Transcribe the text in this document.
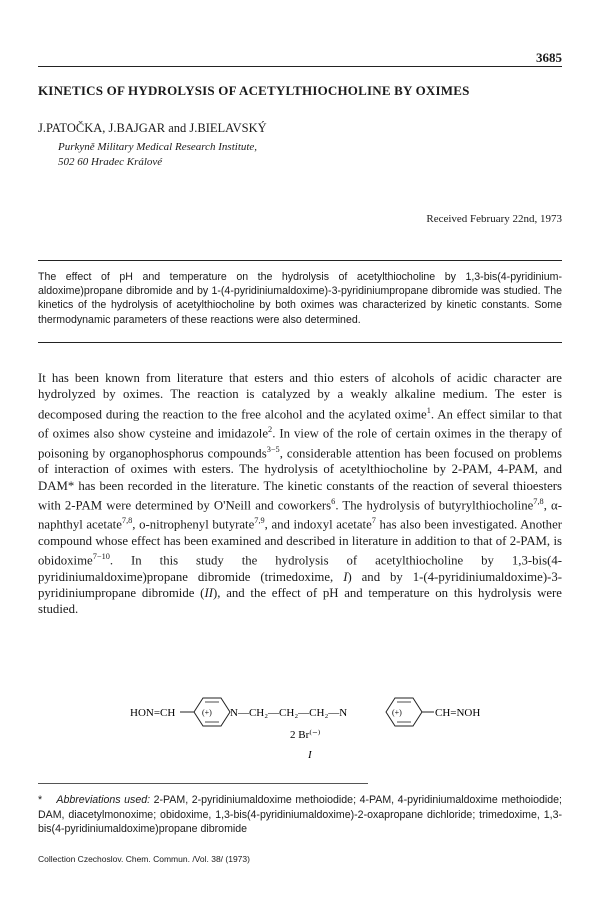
3685
KINETICS OF HYDROLYSIS OF ACETYLTHIOCHOLINE BY OXIMES
J.PATOČKA, J.BAJGAR and J.BIELAVSKÝ
Purkyně Military Medical Research Institute,
502 60 Hradec Králové
Received February 22nd, 1973
The effect of pH and temperature on the hydrolysis of acetylthiocholine by 1,3-bis(4-pyridinium-aldoxime)propane dibromide and by 1-(4-pyridiniumaldoxime)-3-pyridiniumpropane dibromide was studied. The kinetics of the hydrolysis of acetylthiocholine by both oximes was characterized by kinetic constants. Some thermodynamic parameters of these reactions were also determined.
It has been known from literature that esters and thio esters of alcohols of acidic character are hydrolyzed by oximes. The reaction is catalyzed by a weakly alkaline medium. The ester is decomposed during the reaction to the free alcohol and the acylated oxime$^1$. An effect similar to that of oximes also show cysteine and imidazole$^2$. In view of the role of certain oximes in the therapy of poisoning by organophosphorus compounds$^{3-5}$, considerable attention has been focused on problems of interaction of oximes with esters. The hydrolysis of acetylthiocholine by 2-PAM, 4-PAM, and DAM* has been recorded in the literature. The kinetic constants of the reaction of several thioesters with 2-PAM were determined by O'Neill and coworkers$^6$. The hydrolysis of butyrylthiocholine$^{7,8}$, α-naphthyl acetate$^{7,8}$, o-nitrophenyl butyrate$^{7,9}$, and indoxyl acetate$^7$ has also been investigated. Another compound whose effect has been examined and described in literature in addition to that of 2-PAM, is obidoxime$^{7-10}$. In this study the hydrolysis of acetylthiocholine by 1,3-bis(4-pyridiniumaldoxime)propane dibromide (trimedoxime, I) and by 1-(4-pyridiniumaldoxime)-3-pyridiniumpropane dibromide (II), and the effect of pH and temperature on this hydrolysis were studied.
HON=CH	(+) N—CH₂—CH₂—CH₂—N	(+)	CH=NOH
2 Br⁽⁻⁾
I
* Abbreviations used: 2-PAM, 2-pyridiniumaldoxime methoiodide; 4-PAM, 4-pyridiniumaldoxime methoiodide; DAM, diacetylmonoxime; obidoxime, 1,3-bis(4-pyridiniumaldoxime)-2-oxapropane dichloride; trimedoxime, 1,3-bis(4-pyridiniumaldoxime)propane dibromide
Collection Czechoslov. Chem. Commun. /Vol. 38/ (1973)
